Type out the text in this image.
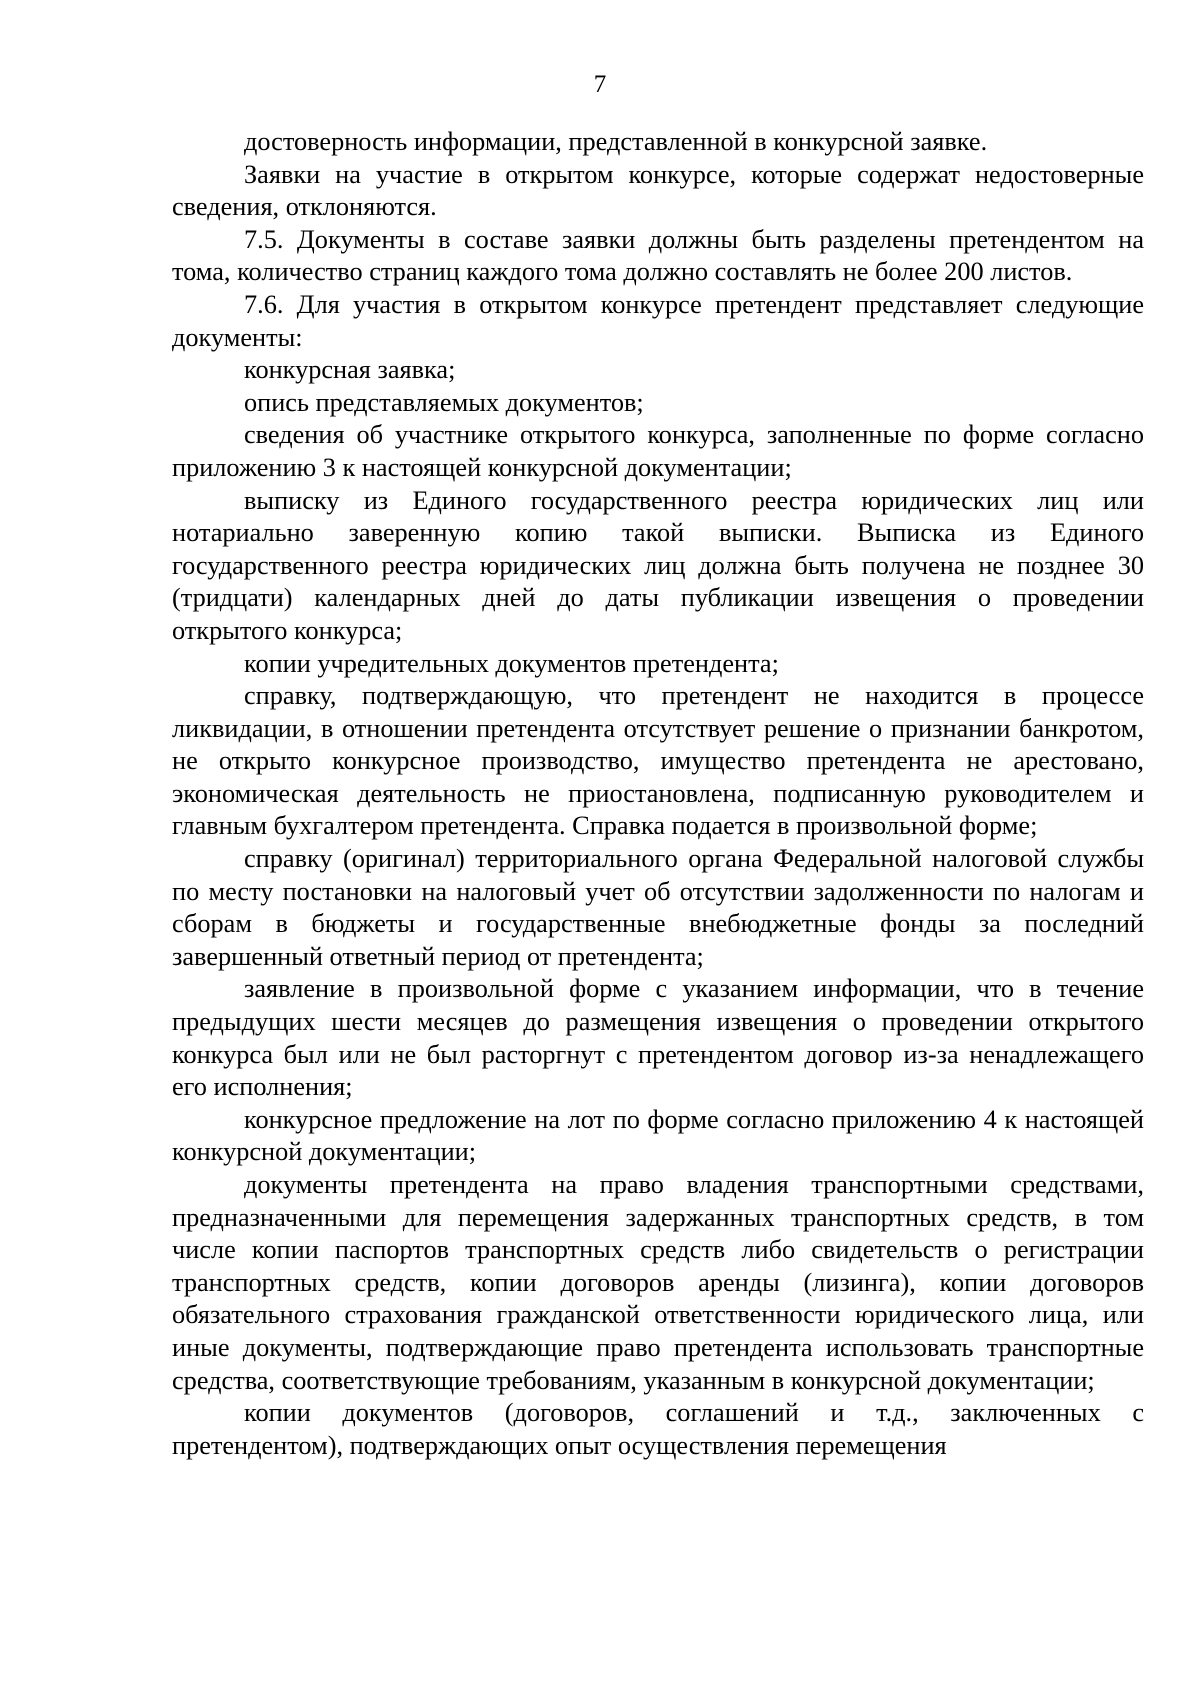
7

достоверность информации, представленной в конкурсной заявке.

Заявки на участие в открытом конкурсе, которые содержат недостоверные сведения, отклоняются.

7.5. Документы в составе заявки должны быть разделены претендентом на тома, количество страниц каждого тома должно составлять не более 200 листов.

7.6. Для участия в открытом конкурсе претендент представляет следующие документы:

конкурсная заявка;

опись представляемых документов;

сведения об участнике открытого конкурса, заполненные по форме согласно приложению 3 к настоящей конкурсной документации;

выписку из Единого государственного реестра юридических лиц или нотариально заверенную копию такой выписки. Выписка из Единого государственного реестра юридических лиц должна быть получена не позднее 30 (тридцати) календарных дней до даты публикации извещения о проведении открытого конкурса;

копии учредительных документов претендента;

справку, подтверждающую, что претендент не находится в процессе ликвидации, в отношении претендента отсутствует решение о признании банкротом, не открыто конкурсное производство, имущество претендента не арестовано, экономическая деятельность не приостановлена, подписанную руководителем и главным бухгалтером претендента. Справка подается в произвольной форме;

справку (оригинал) территориального органа Федеральной налоговой службы по месту постановки на налоговый учет об отсутствии задолженности по налогам и сборам в бюджеты и государственные внебюджетные фонды за последний завершенный ответный период от претендента;

заявление в произвольной форме с указанием информации, что в течение предыдущих шести месяцев до размещения извещения о проведении открытого конкурса был или не был расторгнут с претендентом договор из-за ненадлежащего его исполнения;

конкурсное предложение на лот по форме согласно приложению 4 к настоящей конкурсной документации;

документы претендента на право владения транспортными средствами, предназначенными для перемещения задержанных транспортных средств, в том числе копии паспортов транспортных средств либо свидетельств о регистрации транспортных средств, копии договоров аренды (лизинга), копии договоров обязательного страхования гражданской ответственности юридического лица, или иные документы, подтверждающие право претендента использовать транспортные средства, соответствующие требованиям, указанным в конкурсной документации;

копии документов (договоров, соглашений и т.д., заключенных с претендентом), подтверждающих опыт осуществления перемещения
